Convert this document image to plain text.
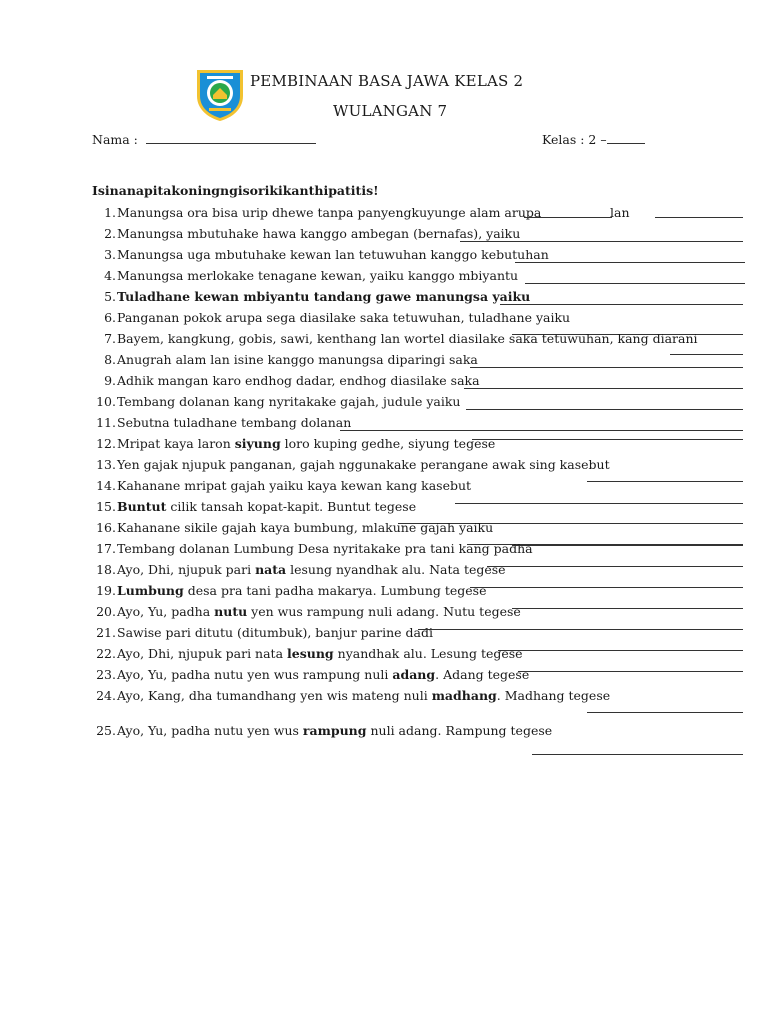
PEMBINAAN BASA JAWA KELAS 2
WULANGAN 7
Nama :	Kelas : 2 –
Isinanapitakoningngisorikikanthipatitis!
1. Manungsa ora bisa urip dhewe tanpa panyengkuyunge alam arupa	lan
2. Manungsa mbutuhake hawa kanggo ambegan (bernafas), yaiku
3. Manungsa uga mbutuhake kewan lan tetuwuhan kanggo kebutuhan
4. Manungsa merlokake tenagane kewan, yaiku kanggo mbiyantu
5. Tuladhane kewan mbiyantu tandang gawe manungsa yaiku
6. Panganan pokok arupa sega diasilake saka tetuwuhan, tuladhane yaiku
7. Bayem, kangkung, gobis, sawi, kenthang lan wortel diasilake saka tetuwuhan, kang diarani
8. Anugrah alam lan isine kanggo manungsa diparingi saka
9. Adhik mangan karo endhog dadar, endhog diasilake saka
10. Tembang dolanan kang nyritakake gajah, judule yaiku
11. Sebutna tuladhane tembang dolanan
12. Mripat kaya laron siyung loro kuping gedhe, siyung tegese
13. Yen gajak njupuk panganan, gajah nggunakake perangane awak sing kasebut
14. Kahanane mripat gajah yaiku kaya kewan kang kasebut
15. Buntut cilik tansah kopat-kapit. Buntut tegese
16. Kahanane sikile gajah kaya bumbung, mlakune gajah yaiku
17. Tembang dolanan Lumbung Desa nyritakake pra tani kang padha
18. Ayo, Dhi, njupuk pari nata lesung nyandhak alu. Nata tegese
19. Lumbung desa pra tani padha makarya. Lumbung tegese
20. Ayo, Yu, padha nutu yen wus rampung nuli adang. Nutu tegese
21. Sawise pari ditutu (ditumbuk), banjur parine dadi
22. Ayo, Dhi, njupuk pari nata lesung nyandhak alu. Lesung tegese
23. Ayo, Yu, padha nutu yen wus rampung nuli adang. Adang tegese
24. Ayo, Kang, dha tumandhang yen wis mateng nuli madhang. Madhang tegese
25. Ayo, Yu, padha nutu yen wus rampung nuli adang. Rampung tegese
